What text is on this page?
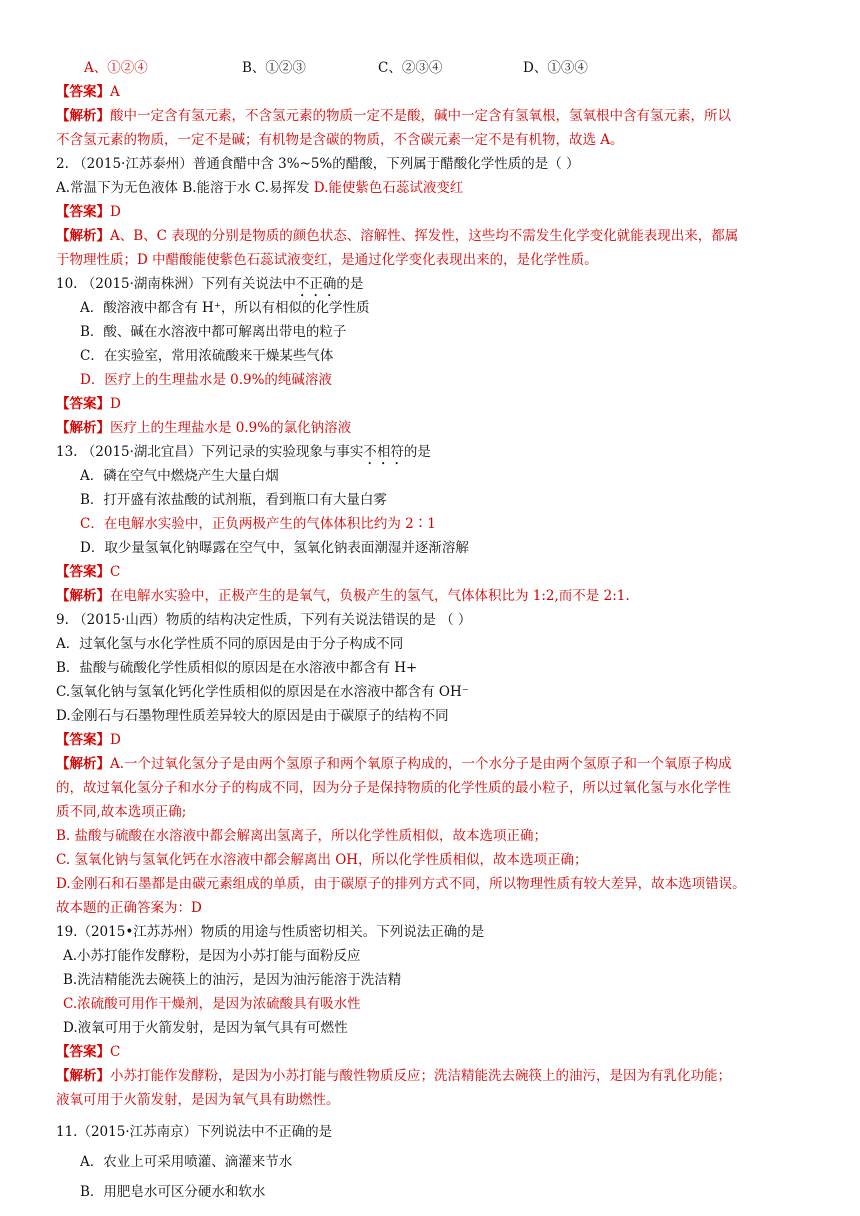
A、①②④	B、①②③	C、②③④	D、①③④
【答案】A
【解析】酸中一定含有氢元素，不含氢元素的物质一定不是酸，碱中一定含有氢氧根，氢氧根中含有氢元素，所以
不含氢元素的物质，一定不是碱；有机物是含碳的物质，不含碳元素一定不是有机物，故选 A。
2. （2015·江苏泰州）普通食醋中含 3%~5%的醋酸，下列属于醋酸化学性质的是（ ）
A.常温下为无色液体 B.能溶于水 C.易挥发 D.能使紫色石蕊试液变红
【答案】D
【解析】A、B、C 表现的分别是物质的颜色状态、溶解性、挥发性，这些均不需发生化学变化就能表现出来，都属
于物理性质；D 中醋酸能使紫色石蕊试液变红，是通过化学变化表现出来的，是化学性质。
10. （2015·湖南株洲）下列有关说法中不正确的是
A．酸溶液中都含有 H⁺，所以有相似的化学性质
B．酸、碱在水溶液中都可解离出带电的粒子
C．在实验室，常用浓硫酸来干燥某些气体
D．医疗上的生理盐水是 0.9%的纯碱溶液
【答案】D
【解析】医疗上的生理盐水是 0.9%的氯化钠溶液
13. （2015·湖北宜昌）下列记录的实验现象与事实不相符的是
A．磷在空气中燃烧产生大量白烟
B．打开盛有浓盐酸的试剂瓶，看到瓶口有大量白雾
C．在电解水实验中，正负两极产生的气体体积比约为 2∶1
D．取少量氢氧化钠曝露在空气中，氢氧化钠表面潮湿并逐渐溶解
【答案】C
【解析】在电解水实验中，正极产生的是氧气，负极产生的氢气，气体体积比为 1:2,而不是 2:1.
9. （2015·山西）物质的结构决定性质，下列有关说法错误的是 （ ）
A．过氧化氢与水化学性质不同的原因是由于分子构成不同
B．盐酸与硫酸化学性质相似的原因是在水溶液中都含有 H+
C.氢氧化钠与氢氧化钙化学性质相似的原因是在水溶液中都含有 OH⁻
D.金刚石与石墨物理性质差异较大的原因是由于碳原子的结构不同
【答案】D
【解析】A.一个过氧化氢分子是由两个氢原子和两个氧原子构成的，一个水分子是由两个氢原子和一个氧原子构成
的，故过氧化氢分子和水分子的构成不同，因为分子是保持物质的化学性质的最小粒子，所以过氧化氢与水化学性
质不同,故本选项正确;
B. 盐酸与硫酸在水溶液中都会解离出氢离子，所以化学性质相似，故本选项正确；
C. 氢氧化钠与氢氧化钙在水溶液中都会解离出 OH，所以化学性质相似，故本选项正确；
D.金刚石和石墨都是由碳元素组成的单质，由于碳原子的排列方式不同，所以物理性质有较大差异，故本选项错误。
故本题的正确答案为：D
19.（2015•江苏苏州）物质的用途与性质密切相关。下列说法正确的是
A.小苏打能作发酵粉，是因为小苏打能与面粉反应
B.洗洁精能洗去碗筷上的油污，是因为油污能溶于洗洁精
C.浓硫酸可用作干燥剂，是因为浓硫酸具有吸水性
D.液氧可用于火箭发射，是因为氧气具有可燃性
【答案】C
【解析】小苏打能作发酵粉，是因为小苏打能与酸性物质反应；洗洁精能洗去碗筷上的油污，是因为有乳化功能；
液氧可用于火箭发射，是因为氧气具有助燃性。
11.（2015·江苏南京）下列说法中不正确的是
A．农业上可采用喷灌、滴灌来节水
B．用肥皂水可区分硬水和软水
